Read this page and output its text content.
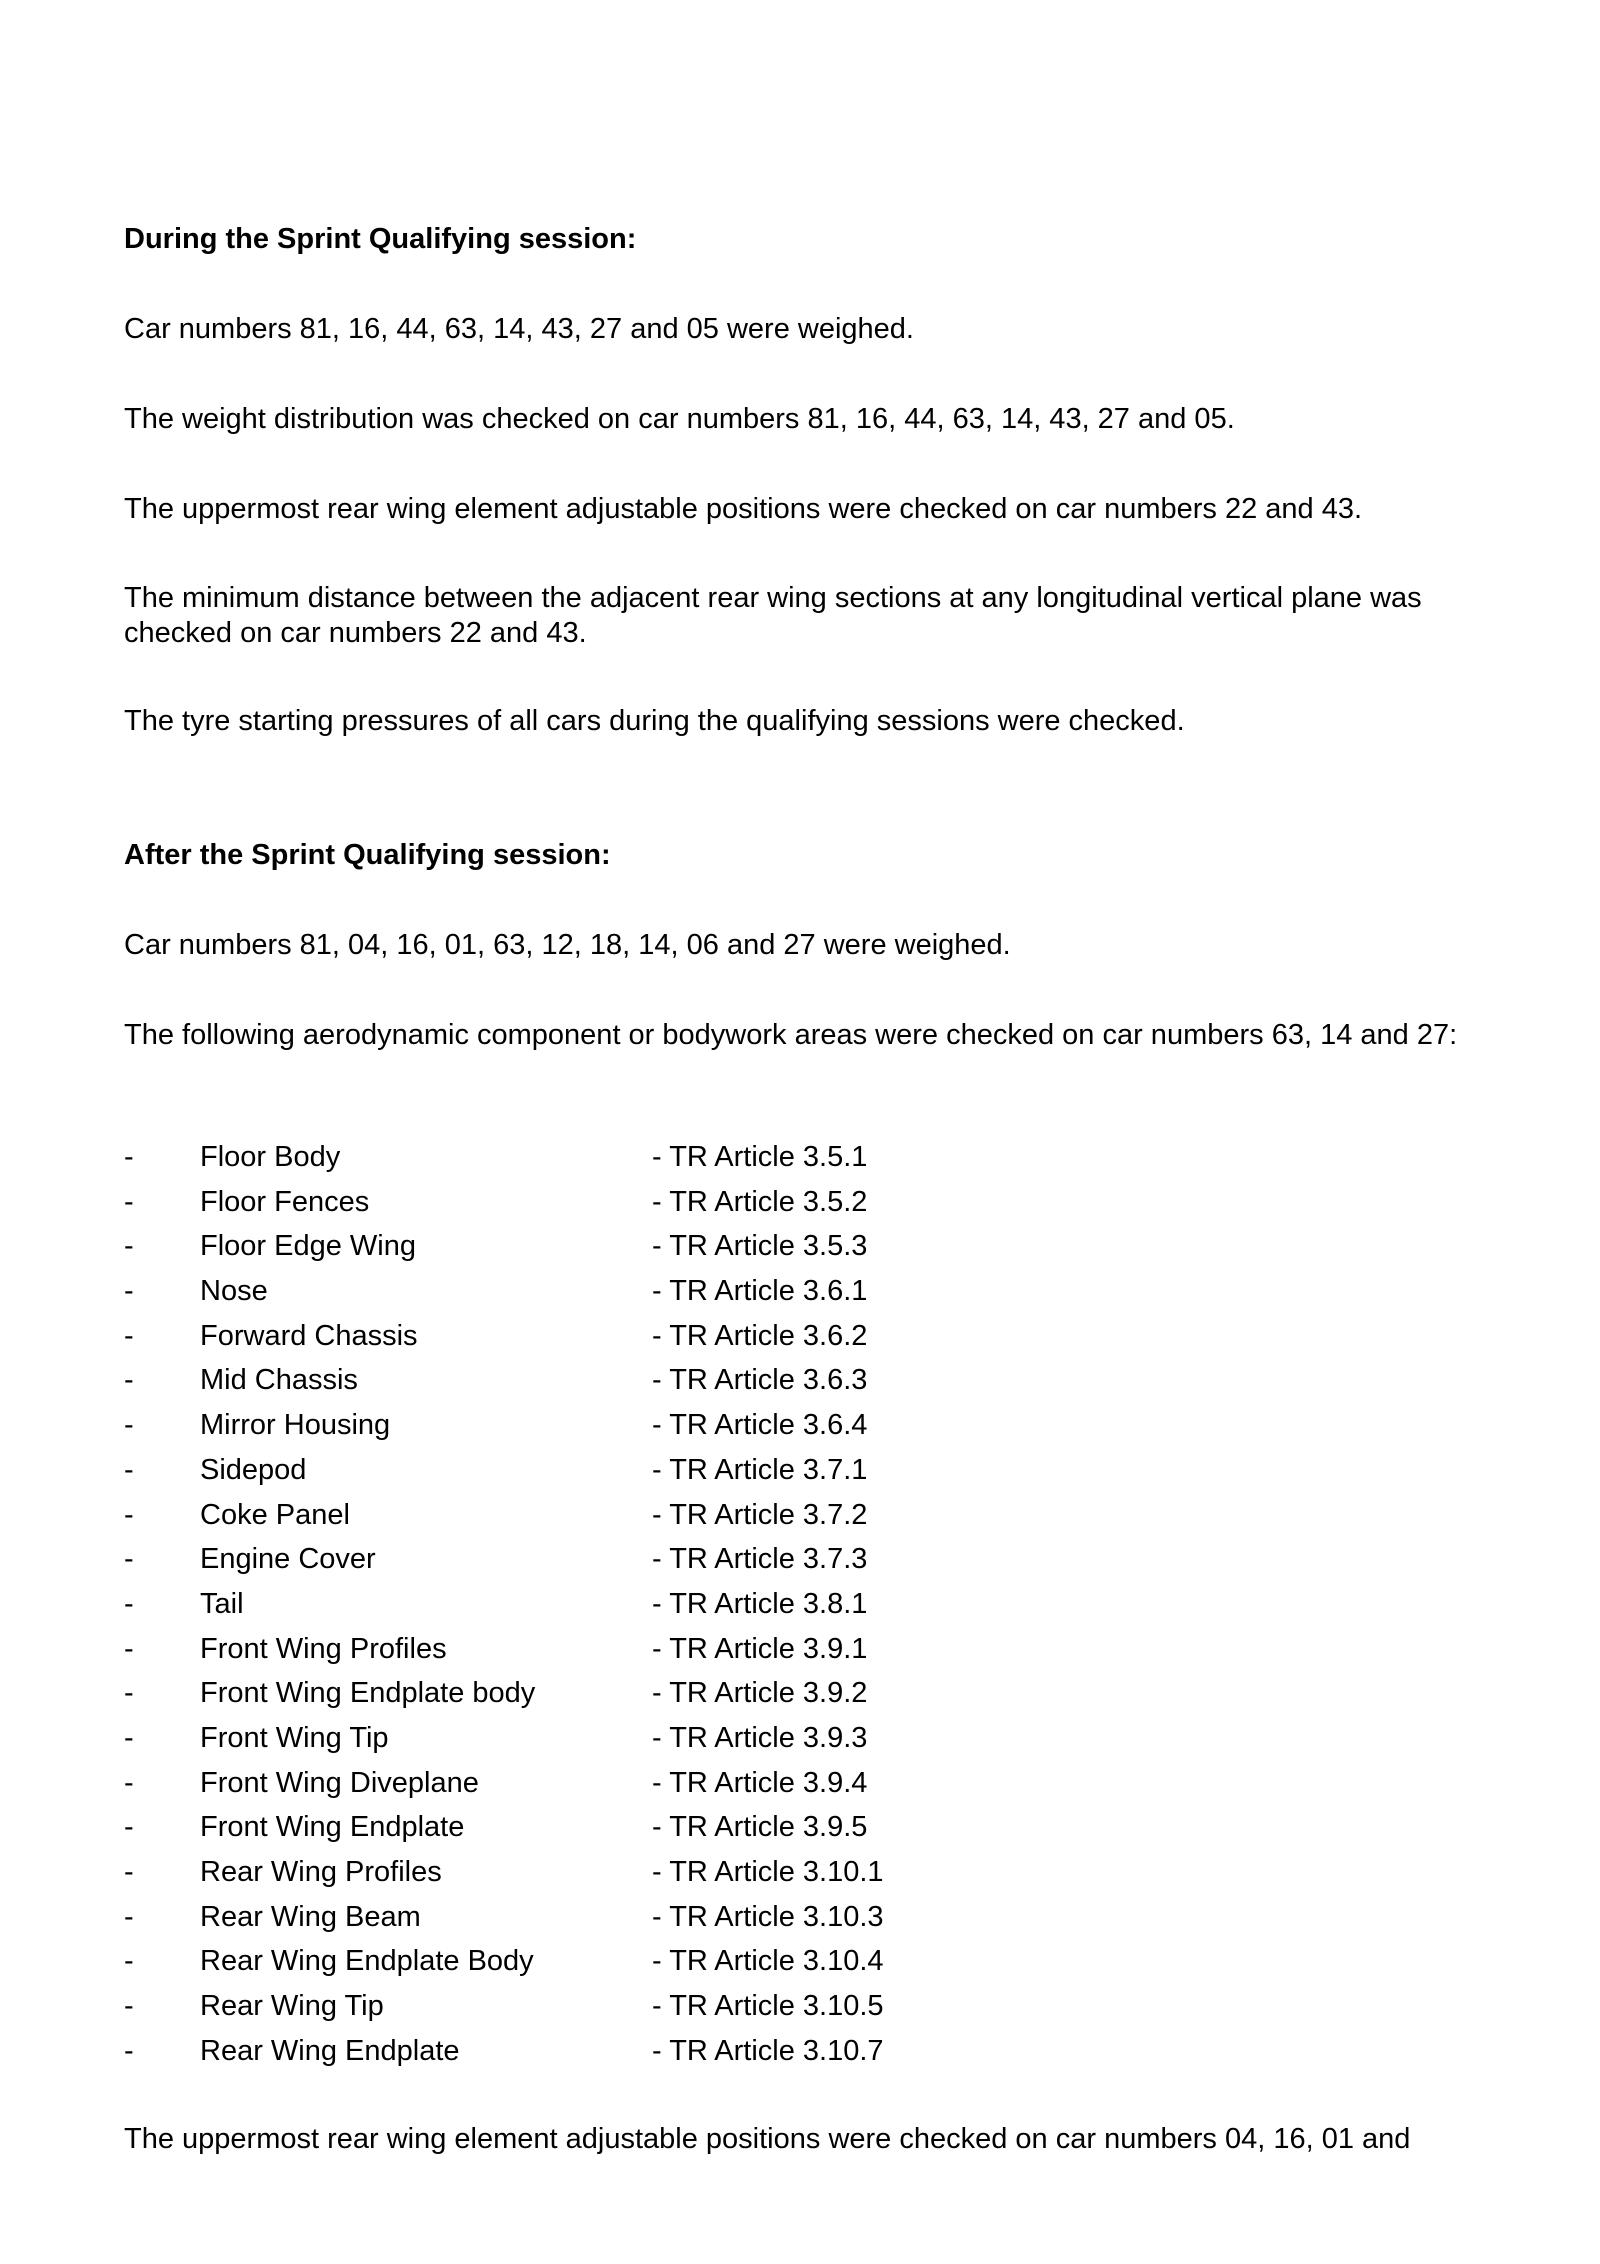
During the Sprint Qualifying session:
Car numbers 81, 16, 44, 63, 14, 43, 27 and 05 were weighed.
The weight distribution was checked on car numbers 81, 16, 44, 63, 14, 43, 27 and 05.
The uppermost rear wing element adjustable positions were checked on car numbers 22 and 43.
The minimum distance between the adjacent rear wing sections at any longitudinal vertical plane was checked on car numbers 22 and 43.
The tyre starting pressures of all cars during the qualifying sessions were checked.
After the Sprint Qualifying session:
Car numbers 81, 04, 16, 01, 63, 12, 18, 14, 06 and 27 were weighed.
The following aerodynamic component or bodywork areas were checked on car numbers 63, 14 and 27:
- Floor Body	- TR Article 3.5.1
- Floor Fences	- TR Article 3.5.2
- Floor Edge Wing	- TR Article 3.5.3
- Nose	- TR Article 3.6.1
- Forward Chassis	- TR Article 3.6.2
- Mid Chassis	- TR Article 3.6.3
- Mirror Housing	- TR Article 3.6.4
- Sidepod	- TR Article 3.7.1
- Coke Panel	- TR Article 3.7.2
- Engine Cover	- TR Article 3.7.3
- Tail	- TR Article 3.8.1
- Front Wing Profiles	- TR Article 3.9.1
- Front Wing Endplate body	- TR Article 3.9.2
- Front Wing Tip	- TR Article 3.9.3
- Front Wing Diveplane	- TR Article 3.9.4
- Front Wing Endplate	- TR Article 3.9.5
- Rear Wing Profiles	- TR Article 3.10.1
- Rear Wing Beam	- TR Article 3.10.3
- Rear Wing Endplate Body	- TR Article 3.10.4
- Rear Wing Tip	- TR Article 3.10.5
- Rear Wing Endplate	- TR Article 3.10.7
The uppermost rear wing element adjustable positions were checked on car numbers 04, 16, 01 and
